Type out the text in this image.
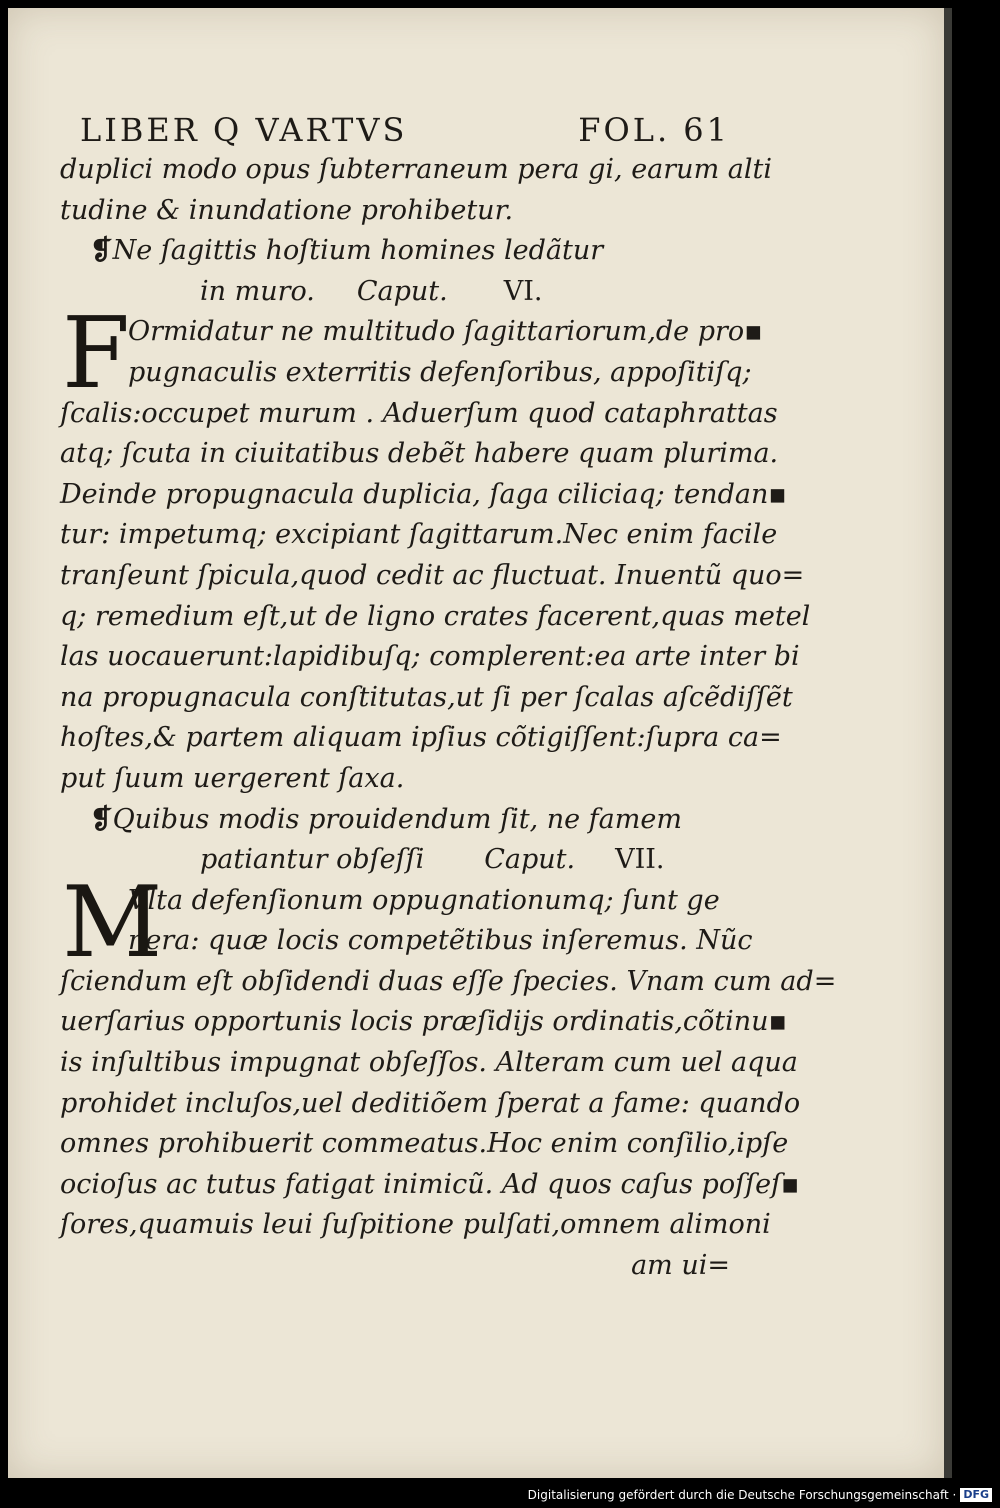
LIBER Q VARTVS	FOL. 61
duplici modo opus ſubterraneum pera gi, earum alti
tudine & inundatione prohibetur.
❡Ne ſagittis hoſtium homines ledãtur
in muro. Caput. VI.
F
Ormidatur ne multitudo ſagittariorum,de pro▪
pugnaculis exterritis defenſoribus, appoſitiſq;
ſcalis:occupet murum . Aduerſum quod cataphrattas
atq; ſcuta in ciuitatibus debẽt habere quam plurima.
Deinde propugnacula duplicia, ſaga ciliciaq; tendan▪
tur: impetumq; excipiant ſagittarum.Nec enim facile
tranſeunt ſpicula,quod cedit ac fluctuat. Inuentũ quo=
q; remedium eſt,ut de ligno crates facerent,quas metel
las uocauerunt:lapidibuſq; complerent:ea arte inter bi
na propugnacula conſtitutas,ut ſi per ſcalas aſcẽdiſſẽt
hoſtes,& partem aliquam ipſius cõtigiſſent:ſupra ca=
put ſuum uergerent ſaxa.
❡Quibus modis prouidendum ſit, ne famem
patiantur obſeſſi Caput. VII.
M
Vlta defenſionum oppugnationumq; ſunt ge
nera: quæ locis competẽtibus inſeremus. Nũc
ſciendum eſt obſidendi duas eſſe ſpecies. Vnam cum ad=
uerſarius opportunis locis præſidijs ordinatis,cõtinu▪
is inſultibus impugnat obſeſſos. Alteram cum uel aqua
prohidet incluſos,uel deditiõem ſperat a fame: quando
omnes prohibuerit commeatus.Hoc enim conſilio,ipſe
ocioſus ac tutus fatigat inimicũ. Ad quos caſus poſſeſ▪
ſores,quamuis leui ſuſpitione pulſati,omnem alimoni
am ui=
Digitalisierung gefördert durch die Deutsche Forschungsgemeinschaft · DFG
